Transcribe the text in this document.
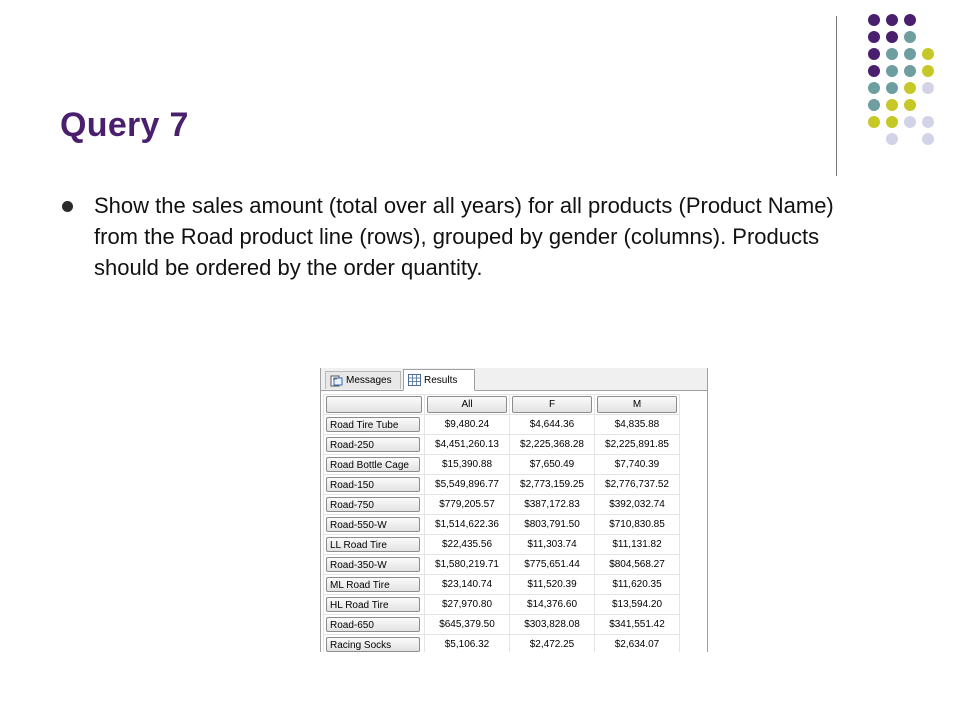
Query 7
Show the sales amount (total over all years) for all products (Product Name) from the Road product line (rows), grouped by gender (columns). Products should be ordered by the order quantity.
Messages	Results

	All	F	M

Road Tire Tube	$9,480.24	$4,644.36	$4,835.88

Road-250	$4,451,260.13	$2,225,368.28	$2,225,891.85

Road Bottle Cage	$15,390.88	$7,650.49	$7,740.39

Road-150	$5,549,896.77	$2,773,159.25	$2,776,737.52

Road-750	$779,205.57	$387,172.83	$392,032.74

Road-550-W	$1,514,622.36	$803,791.50	$710,830.85

LL Road Tire	$22,435.56	$11,303.74	$11,131.82

Road-350-W	$1,580,219.71	$775,651.44	$804,568.27

ML Road Tire	$23,140.74	$11,520.39	$11,620.35

HL Road Tire	$27,970.80	$14,376.60	$13,594.20

Road-650	$645,379.50	$303,828.08	$341,551.42

Racing Socks	$5,106.32	$2,472.25	$2,634.07
